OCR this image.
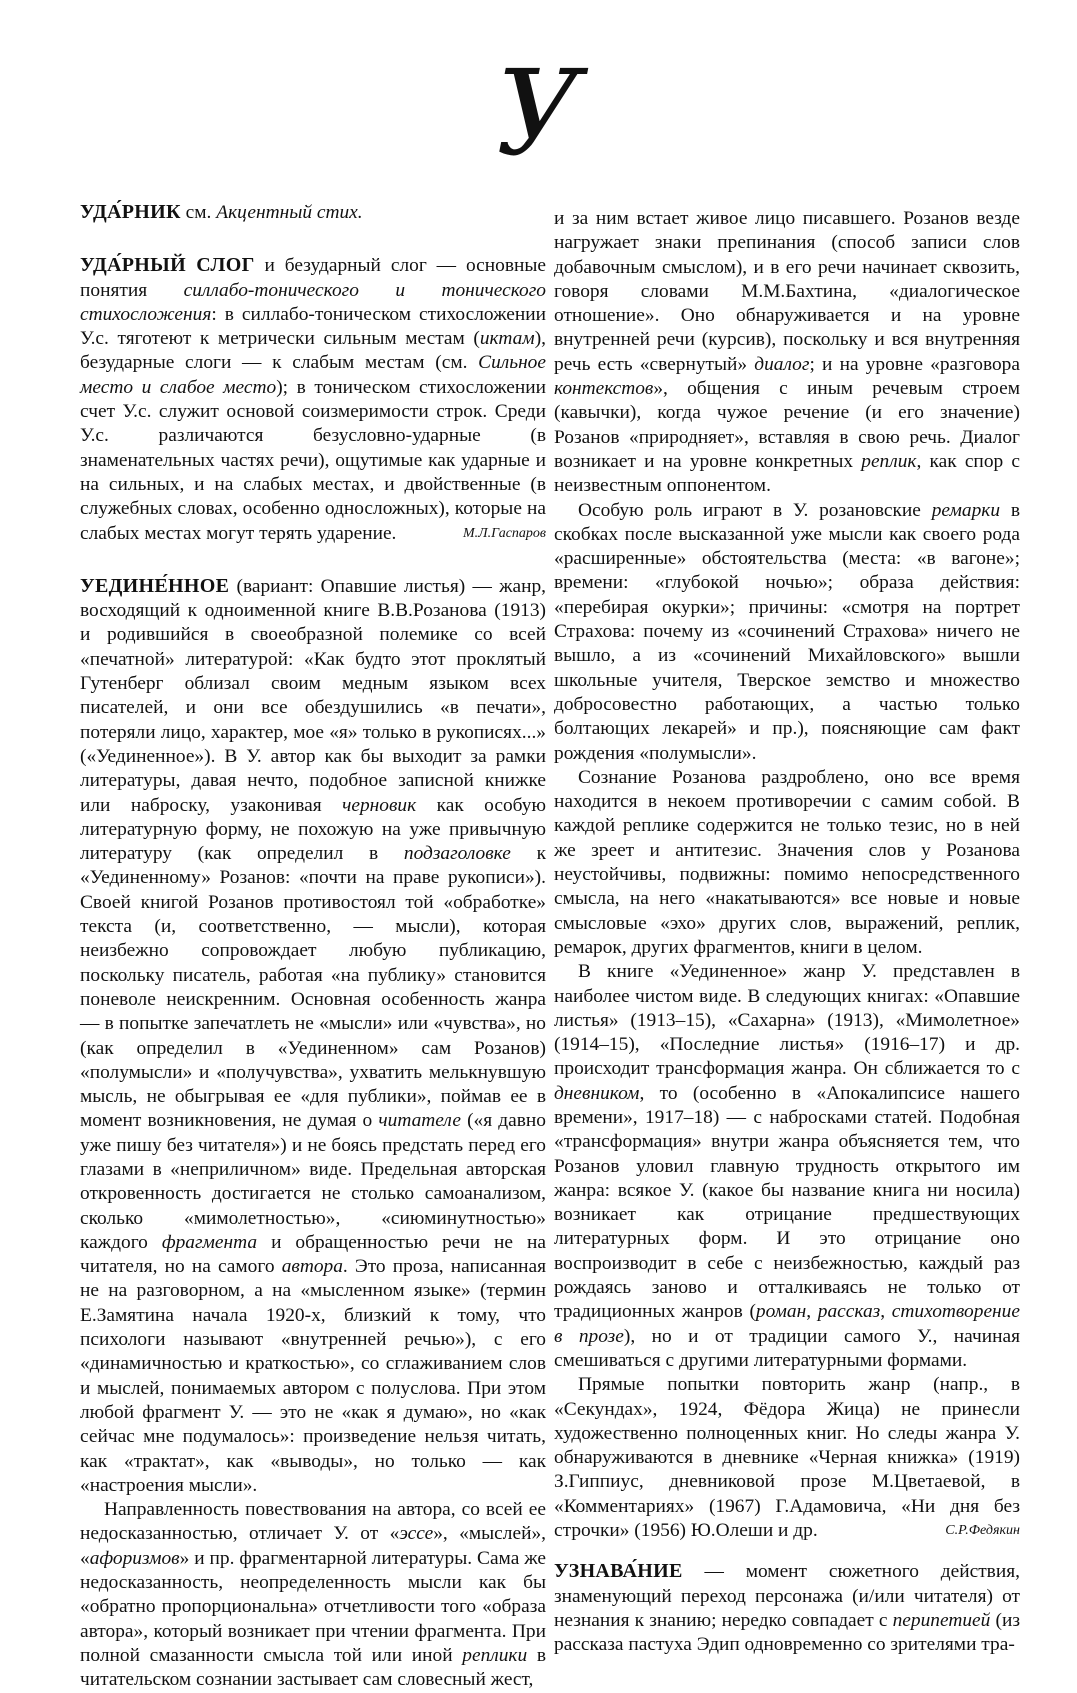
У

УДА́РНИК см. Акцентный стих.

УДА́РНЫЙ СЛОГ и безударный слог — основные понятия силлабо-тонического и тонического стихосложения: в силлабо-тоническом стихосложении У.с. тяготеют к метрически сильным местам (иктам), безударные слоги — к слабым местам (см. Сильное место и слабое место); в тоническом стихосложении счет У.с. служит основой соизмеримости строк. Среди У.с. различаются безусловно-ударные (в знаменательных частях речи), ощутимые как ударные и на сильных, и на слабых местах, и двойственные (в служебных словах, особенно односложных), которые на слабых местах могут терять ударение.	М.Л.Гаспаров

УЕДИНЕ́ННОЕ (вариант: Опавшие листья) — жанр, восходящий к одноименной книге В.В.Розанова (1913) и родившийся в своеобразной полемике со всей «печатной» литературой: «Как будто этот проклятый Гутенберг облизал своим медным языком всех писателей, и они все обездушились «в печати», потеряли лицо, характер, мое «я» только в рукописях...» («Уединенное»). В У. автор как бы выходит за рамки литературы, давая нечто, подобное записной книжке или наброску, узаконивая черновик как особую литературную форму, не похожую на уже привычную литературу (как определил в подзаголовке к «Уединенному» Розанов: «почти на праве рукописи»). Своей книгой Розанов противостоял той «обработке» текста (и, соответственно, — мысли), которая неизбежно сопровождает любую публикацию, поскольку писатель, работая «на публику» становится поневоле неискренним. Основная особенность жанра — в попытке запечатлеть не «мысли» или «чувства», но (как определил в «Уединенном» сам Розанов) «полумысли» и «получувства», ухватить мелькнувшую мысль, не обыгрывая ее «для публики», поймав ее в момент возникновения, не думая о читателе («я давно уже пишу без читателя») и не боясь предстать перед его глазами в «неприличном» виде. Предельная авторская откровенность достигается не столько самоанализом, сколько «мимолетностью», «сиюминутностью» каждого фрагмента и обращенностью речи не на читателя, но на самого автора. Это проза, написанная не на разговорном, а на «мысленном языке» (термин Е.Замятина начала 1920-х, близкий к тому, что психологи называют «внутренней речью»), с его «динамичностью и краткостью», со сглаживанием слов и мыслей, понимаемых автором с полуслова. При этом любой фрагмент У. — это не «как я думаю», но «как сейчас мне подумалось»: произведение нельзя читать, как «трактат», как «выводы», но только — как «настроения мысли».

Направленность повествования на автора, со всей ее недосказанностью, отличает У. от «эссе», «мыслей», «афоризмов» и пр. фрагментарной литературы. Сама же недосказанность, неопределенность мысли как бы «обратно пропорциональна» отчетливости того «образа автора», который возникает при чтении фрагмента. При полной смазанности смысла той или иной реплики в читательском сознании застывает сам словесный жест,

и за ним встает живое лицо писавшего. Розанов везде нагружает знаки препинания (способ записи слов добавочным смыслом), и в его речи начинает сквозить, говоря словами М.М.Бахтина, «диалогическое отношение». Оно обнаруживается и на уровне внутренней речи (курсив), поскольку и вся внутренняя речь есть «свернутый» диалог; и на уровне «разговора контекстов», общения с иным речевым строем (кавычки), когда чужое речение (и его значение) Розанов «природняет», вставляя в свою речь. Диалог возникает и на уровне конкретных реплик, как спор с неизвестным оппонентом.

Особую роль играют в У. розановские ремарки в скобках после высказанной уже мысли как своего рода «расширенные» обстоятельства (места: «в вагоне»; времени: «глубокой ночью»; образа действия: «перебирая окурки»; причины: «смотря на портрет Страхова: почему из «сочинений Страхова» ничего не вышло, а из «сочинений Михайловского» вышли школьные учителя, Тверское земство и множество добросовестно работающих, а частью только болтающих лекарей» и пр.), поясняющие сам факт рождения «полумысли».

Сознание Розанова раздроблено, оно все время находится в некоем противоречии с самим собой. В каждой реплике содержится не только тезис, но в ней же зреет и антитезис. Значения слов у Розанова неустойчивы, подвижны: помимо непосредственного смысла, на него «накатываются» все новые и новые смысловые «эхо» других слов, выражений, реплик, ремарок, других фрагментов, книги в целом.

В книге «Уединенное» жанр У. представлен в наиболее чистом виде. В следующих книгах: «Опавшие листья» (1913–15), «Сахарна» (1913), «Мимолетное» (1914–15), «Последние листья» (1916–17) и др. происходит трансформация жанра. Он сближается то с дневником, то (особенно в «Апокалипсисе нашего времени», 1917–18) — с набросками статей. Подобная «трансформация» внутри жанра объясняется тем, что Розанов уловил главную трудность открытого им жанра: всякое У. (какое бы название книга ни носила) возникает как отрицание предшествующих литературных форм. И это отрицание оно воспроизводит в себе с неизбежностью, каждый раз рождаясь заново и отталкиваясь не только от традиционных жанров (роман, рассказ, стихотворение в прозе), но и от традиции самого У., начиная смешиваться с другими литературными формами.

Прямые попытки повторить жанр (напр., в «Секундах», 1924, Фёдора Жица) не принесли художественно полноценных книг. Но следы жанра У. обнаруживаются в дневнике «Черная книжка» (1919) З.Гиппиус, дневниковой прозе М.Цветаевой, в «Комментариях» (1967) Г.Адамовича, «Ни дня без строчки» (1956) Ю.Олеши и др.	С.Р.Федякин

УЗНАВА́НИЕ — момент сюжетного действия, знаменующий переход персонажа (и/или читателя) от незнания к знанию; нередко совпадает с перипетией (из рассказа пастуха Эдип одновременно со зрителями тра-
